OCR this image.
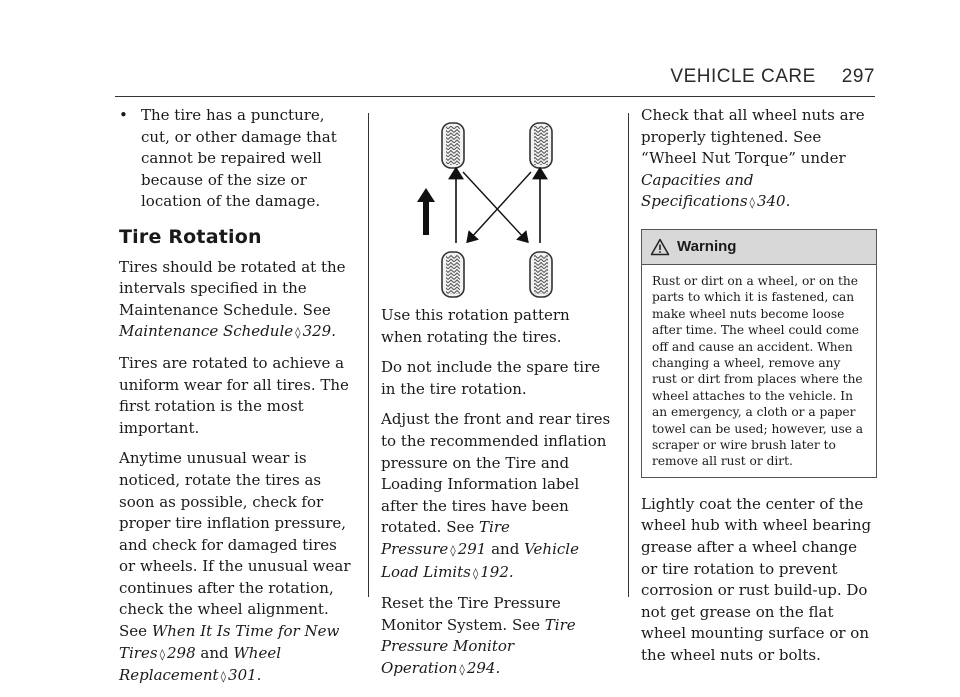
VEHICLE CARE 297
• The tire has a puncture, cut, or other damage that cannot be repaired well because of the size or location of the damage.
Tire Rotation

Tires should be rotated at the intervals specified in the Maintenance Schedule. See Maintenance Schedule ◊ 329.

Tires are rotated to achieve a uniform wear for all tires. The first rotation is the most important.

Anytime unusual wear is noticed, rotate the tires as soon as possible, check for proper tire inflation pressure, and check for damaged tires or wheels. If the unusual wear continues after the rotation, check the wheel alignment. See When It Is Time for New Tires ◊ 298 and Wheel Replacement ◊ 301.

Use this rotation pattern when rotating the tires.

Do not include the spare tire in the tire rotation.

Adjust the front and rear tires to the recommended inflation pressure on the Tire and Loading Information label after the tires have been rotated. See Tire Pressure ◊ 291 and Vehicle Load Limits ◊ 192.

Reset the Tire Pressure Monitor System. See Tire Pressure Monitor Operation ◊ 294.

Check that all wheel nuts are properly tightened. See “Wheel Nut Torque” under Capacities and Specifications ◊ 340.

Warning
Rust or dirt on a wheel, or on the parts to which it is fastened, can make wheel nuts become loose after time. The wheel could come off and cause an accident. When changing a wheel, remove any rust or dirt from places where the wheel attaches to the vehicle. In an emergency, a cloth or a paper towel can be used; however, use a scraper or wire brush later to remove all rust or dirt.

Lightly coat the center of the wheel hub with wheel bearing grease after a wheel change or tire rotation to prevent corrosion or rust build-up. Do not get grease on the flat wheel mounting surface or on the wheel nuts or bolts.
